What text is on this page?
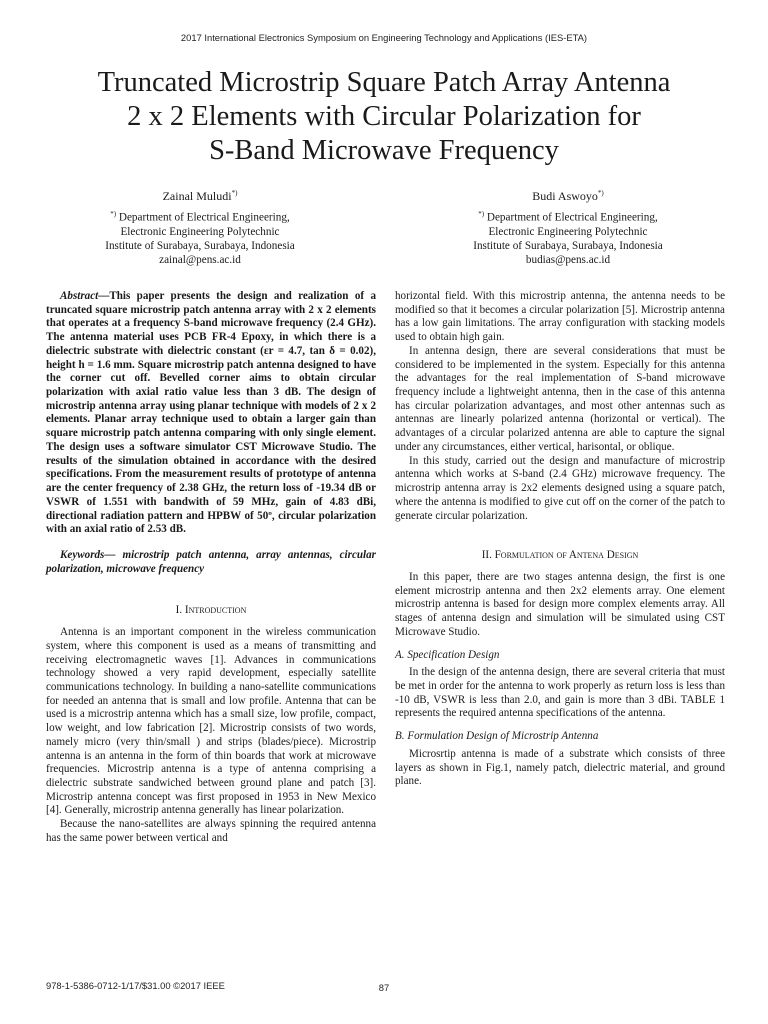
2017 International Electronics Symposium on Engineering Technology and Applications (IES-ETA)
Truncated Microstrip Square Patch Array Antenna
2 x 2 Elements with Circular Polarization for
S-Band Microwave Frequency
Zainal Muludi*)
*) Department of Electrical Engineering,
Electronic Engineering Polytechnic
Institute of Surabaya, Surabaya, Indonesia
zainal@pens.ac.id
Budi Aswoyo*)
*) Department of Electrical Engineering,
Electronic Engineering Polytechnic
Institute of Surabaya, Surabaya, Indonesia
budias@pens.ac.id

Abstract—This paper presents the design and realization of a truncated square microstrip patch antenna array with 2 x 2 elements that operates at a frequency S-band microwave frequency (2.4 GHz). The antenna material uses PCB FR-4 Epoxy, in which there is a dielectric substrate with dielectric constant (εr = 4.7, tan δ = 0.02), height h = 1.6 mm. Square microstrip patch antenna designed to have the corner cut off. Bevelled corner aims to obtain circular polarization with axial ratio value less than 3 dB. The design of microstrip antenna array using planar technique with models of 2 x 2 elements. Planar array technique used to obtain a larger gain than square microstrip patch antenna comparing with only single element. The design uses a software simulator CST Microwave Studio. The results of the simulation obtained in accordance with the desired specifications. From the measurement results of prototype of antenna are the center frequency of 2.38 GHz, the return loss of -19.34 dB or VSWR of 1.551 with bandwith of 59 MHz, gain of 4.83 dBi, directional radiation pattern and HPBW of 50º, circular polarization with an axial ratio of 2.53 dB.

Keywords— microstrip patch antenna, array antennas, circular polarization, microwave frequency

I. Introduction

Antenna is an important component in the wireless communication system, where this component is used as a means of transmitting and receiving electromagnetic waves [1]. Advances in communications technology showed a very rapid development, especially satellite communications technology. In building a nano-satellite communications for needed an antenna that is small and low profile. Antenna that can be used is a microstrip antenna which has a small size, low profile, compact, low weight, and low fabrication [2]. Microstrip consists of two words, namely micro (very thin/small ) and strips (blades/piece). Microstrip antenna is an antenna in the form of thin boards that work at microwave frequencies. Microstrip antenna is a type of antenna comprising a dielectric substrate sandwiched between ground plane and patch [3]. Microstrip antenna concept was first proposed in 1953 in New Mexico [4]. Generally, microstrip antenna generally has linear polarization.

Because the nano-satellites are always spinning the required antenna has the same power between vertical and

horizontal field. With this microstrip antenna, the antenna needs to be modified so that it becomes a circular polarization [5]. Microstrip antenna has a low gain limitations. The array configuration with stacking models used to obtain high gain.

In antenna design, there are several considerations that must be considered to be implemented in the system. Especially for this antenna the advantages for the real implementation of S-band microwave frequency include a lightweight antenna, then in the case of this antenna has circular polarization advantages, and most other antennas such as antennas are linearly polarized antenna (horizontal or vertical). The advantages of a circular polarized antenna are able to capture the signal under any circumstances, either vertical, harisontal, or oblique.

In this study, carried out the design and manufacture of microstrip antenna which works at S-band (2.4 GHz) microwave frequency. The microstrip antenna array is 2x2 elements designed using a square patch, where the antenna is modified to give cut off on the corner of the patch to generate circular polarization.

II. Formulation of Antena Design

In this paper, there are two stages antenna design, the first is one element microstrip antenna and then 2x2 elements array. One element microstrip antenna is based for design more complex elements array. All stages of antenna design and simulation will be simulated using CST Microwave Studio.

A. Specification Design

In the design of the antenna design, there are several criteria that must be met in order for the antenna to work properly as return loss is less than -10 dB, VSWR is less than 2.0, and gain is more than 3 dBi. TABLE 1 represents the required antenna specifications of the antenna.

B. Formulation Design of Microstrip Antenna

Microsrtip antenna is made of a substrate which consists of three layers as shown in Fig.1, namely patch, dielectric material, and ground plane.

978-1-5386-0712-1/17/$31.00 ©2017 IEEE	87
